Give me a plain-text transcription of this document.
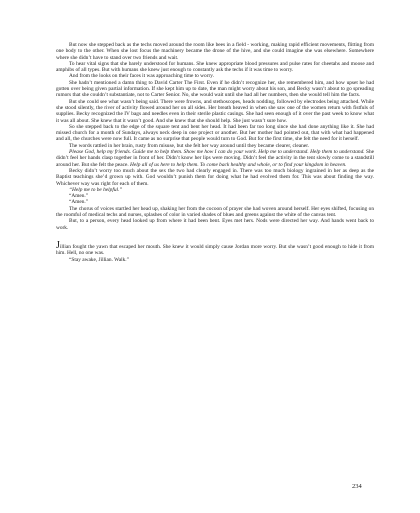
But now she stepped back as the techs moved around the room like bees in a field - working, making rapid efficient movements, flitting from one body to the other. When she lost focus the machinery became the drone of the hive, and she could imagine she was elsewhere. Somewhere where she didn’t have to stand over two friends and wait.

To hear vital signs that she barely understood for humans. She knew appropriate blood pressures and pulse rates for cheetahs and moose and amphibs of all types. But with humans she knew just enough to constantly ask the techs if it was time to worry.

And from the looks on their faces it was approaching time to worry.

She hadn’t mentioned a damn thing to David Carter The First. Even if he didn’t recognize her, she remembered him, and how upset he had gotten over being given partial information. If she kept him up to date, the man might worry about his son, and Becky wasn’t about to go spreading rumors that she couldn’t substantiate, not to Carter Senior. No, she would wait until she had all her numbers, then she would tell him the facts.

But she could see what wasn’t being said. There were frowns, and stethoscopes, heads nodding, followed by electrodes being attached. While she stood silently, the river of activity flowed around her on all sides. Her breath heaved in when she saw one of the women return with fistfuls of supplies. Becky recognized the IV bags and needles even in their sterile plastic casings. She had seen enough of it over the past week to know what it was all about. She knew that it wasn’t good. And she knew that she should help. She just wasn’t sure how.

So she stepped back to the edge of the square tent and bent her head. It had been far too long since she had done anything like it. She had missed church for a month of Sundays, always neck deep in one project or another. But her mother had pointed out, that with what had happened and all, the churches were now full. It came as no surprise that people would turn to God. But for the first time, she felt the need for it herself.

The words rattled in her brain, rusty from misuse, but she felt her way around until they became clearer, cleaner.

Please God, help my friends. Guide me to help them. Show me how I can do your work. Help me to understand. Help them to understand. She didn’t feel her hands clasp together in front of her. Didn’t know her lips were moving. Didn’t feel the activity in the tent slowly come to a standstill around her. But she felt the peace. Help all of us here to help them. To come back healthy and whole, or to find your kingdom in heaven.

Becky didn’t worry too much about the sex the two had clearly engaged in. There was too much biology ingrained in her as deep as the Baptist teachings she’d grown up with. God wouldn’t punish them for doing what he had evolved them for. This was about finding the way. Whichever way was right for each of them.

“Help me to be helpful.”

“Amen.”

“Amen.”

The chorus of voices startled her head up, shaking her from the cocoon of prayer she had woven around herself. Her eyes shifted, focusing on the roomful of medical techs and nurses, splashes of color in varied shades of blues and greens against the white of the canvas tent.

But, to a person, every head looked up from where it had been bent. Eyes met hers. Nods were directed her way. And hands went back to work.

Jillian fought the yawn that escaped her mouth. She knew it would simply cause Jordan more worry. But she wasn’t good enough to hide it from him. Hell, no one was.

“Stay awake, Jillian. Walk.”

234
